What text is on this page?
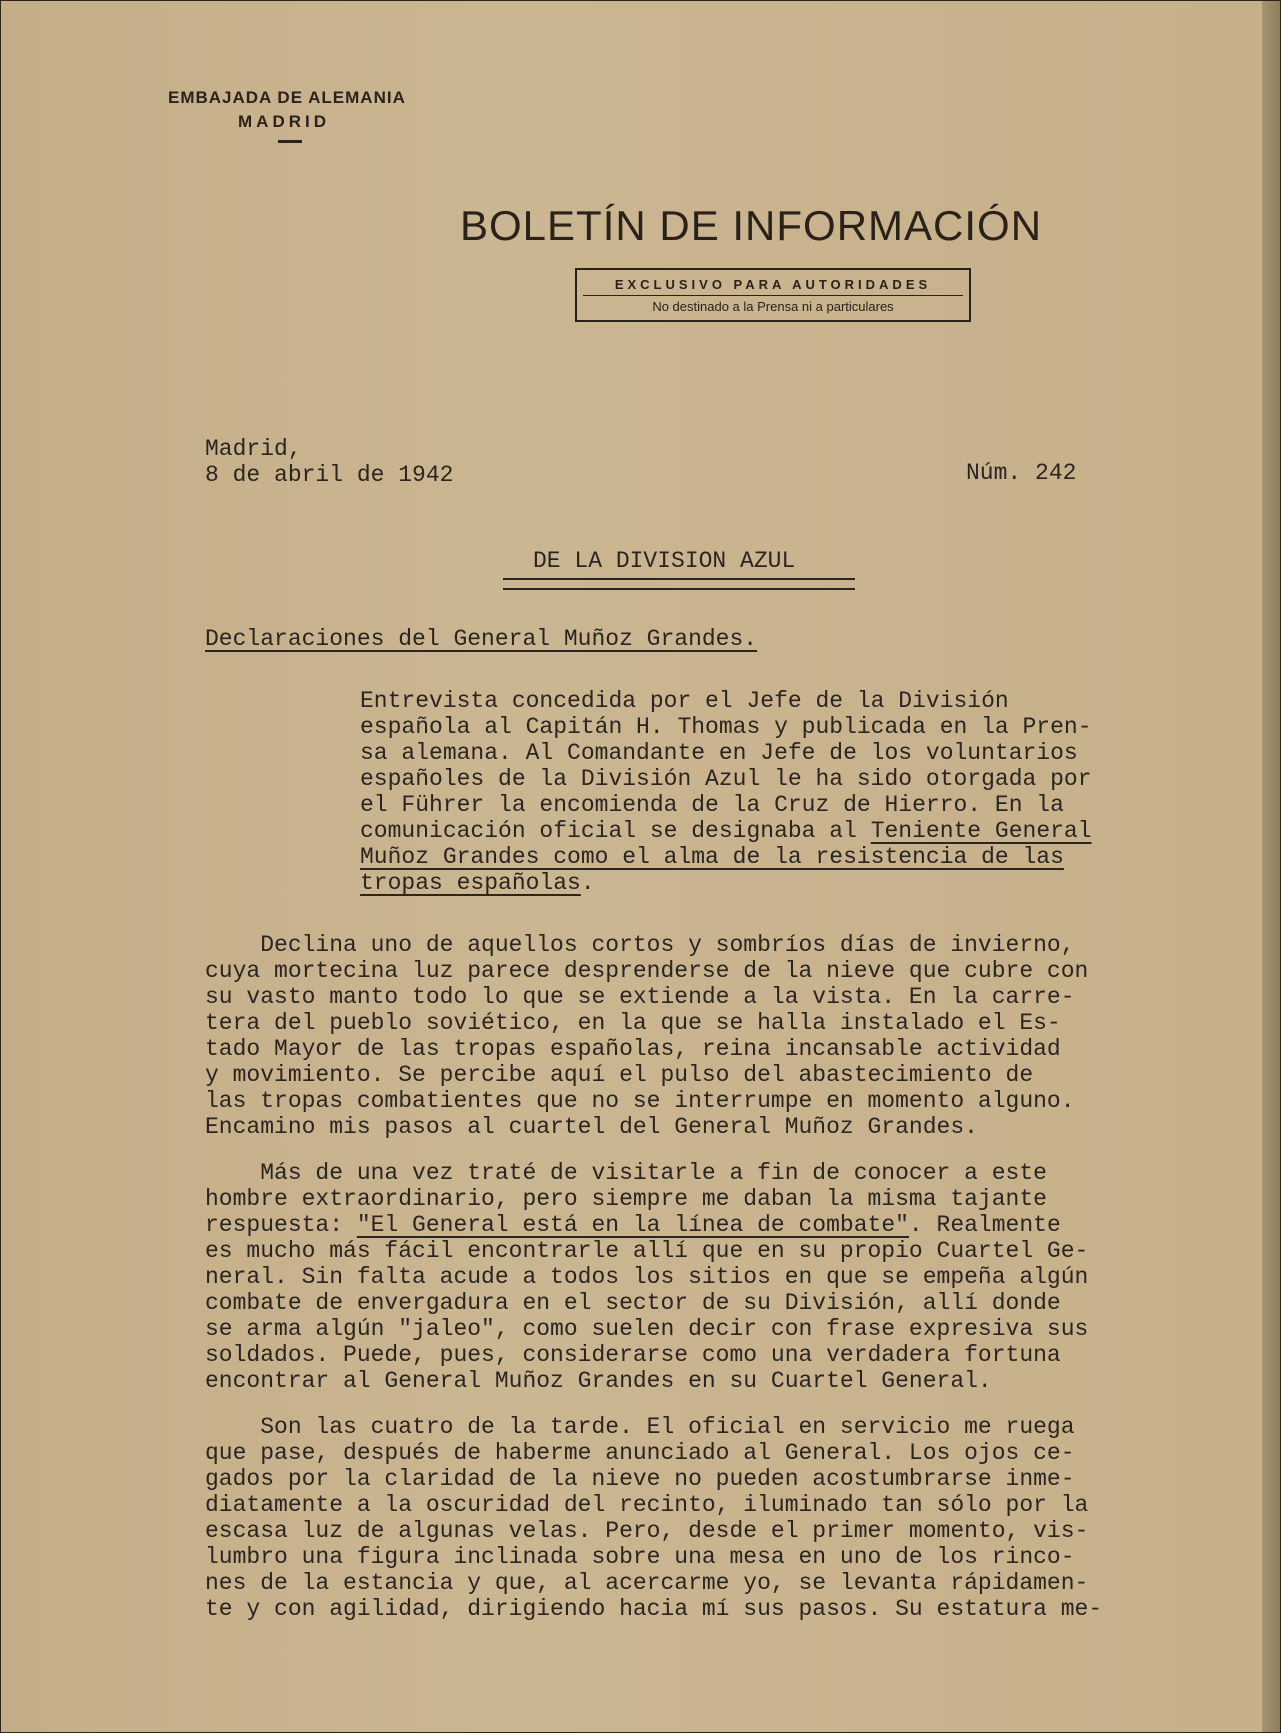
EMBAJADA DE ALEMANIA
MADRID
BOLETÍN DE INFORMACIÓN
EXCLUSIVO PARA AUTORIDADES
No destinado a la Prensa ni a particulares
Madrid,
8 de abril de 1942	Núm. 242
DE LA DIVISION AZUL
Declaraciones del General Muñoz Grandes.
Entrevista concedida por el Jefe de la División
española al Capitán H. Thomas y publicada en la Pren-
sa alemana. Al Comandante en Jefe de los voluntarios
españoles de la División Azul le ha sido otorgada por
el Führer la encomienda de la Cruz de Hierro. En la
comunicación oficial se designaba al Teniente General
Muñoz Grandes como el alma de la resistencia de las
tropas españolas.
Declina uno de aquellos cortos y sombríos días de invierno,
cuya mortecina luz parece desprenderse de la nieve que cubre con
su vasto manto todo lo que se extiende a la vista. En la carre-
tera del pueblo soviético, en la que se halla instalado el Es-
tado Mayor de las tropas españolas, reina incansable actividad
y movimiento. Se percibe aquí el pulso del abastecimiento de
las tropas combatientes que no se interrumpe en momento alguno.
Encamino mis pasos al cuartel del General Muñoz Grandes.
Más de una vez traté de visitarle a fin de conocer a este
hombre extraordinario, pero siempre me daban la misma tajante
respuesta: "El General está en la línea de combate". Realmente
es mucho más fácil encontrarle allí que en su propio Cuartel Ge-
neral. Sin falta acude a todos los sitios en que se empeña algún
combate de envergadura en el sector de su División, allí donde
se arma algún "jaleo", como suelen decir con frase expresiva sus
soldados. Puede, pues, considerarse como una verdadera fortuna
encontrar al General Muñoz Grandes en su Cuartel General.
Son las cuatro de la tarde. El oficial en servicio me ruega
que pase, después de haberme anunciado al General. Los ojos ce-
gados por la claridad de la nieve no pueden acostumbrarse inme-
diatamente a la oscuridad del recinto, iluminado tan sólo por la
escasa luz de algunas velas. Pero, desde el primer momento, vis-
lumbro una figura inclinada sobre una mesa en uno de los rinco-
nes de la estancia y que, al acercarme yo, se levanta rápidamen-
te y con agilidad, dirigiendo hacia mí sus pasos. Su estatura me-
